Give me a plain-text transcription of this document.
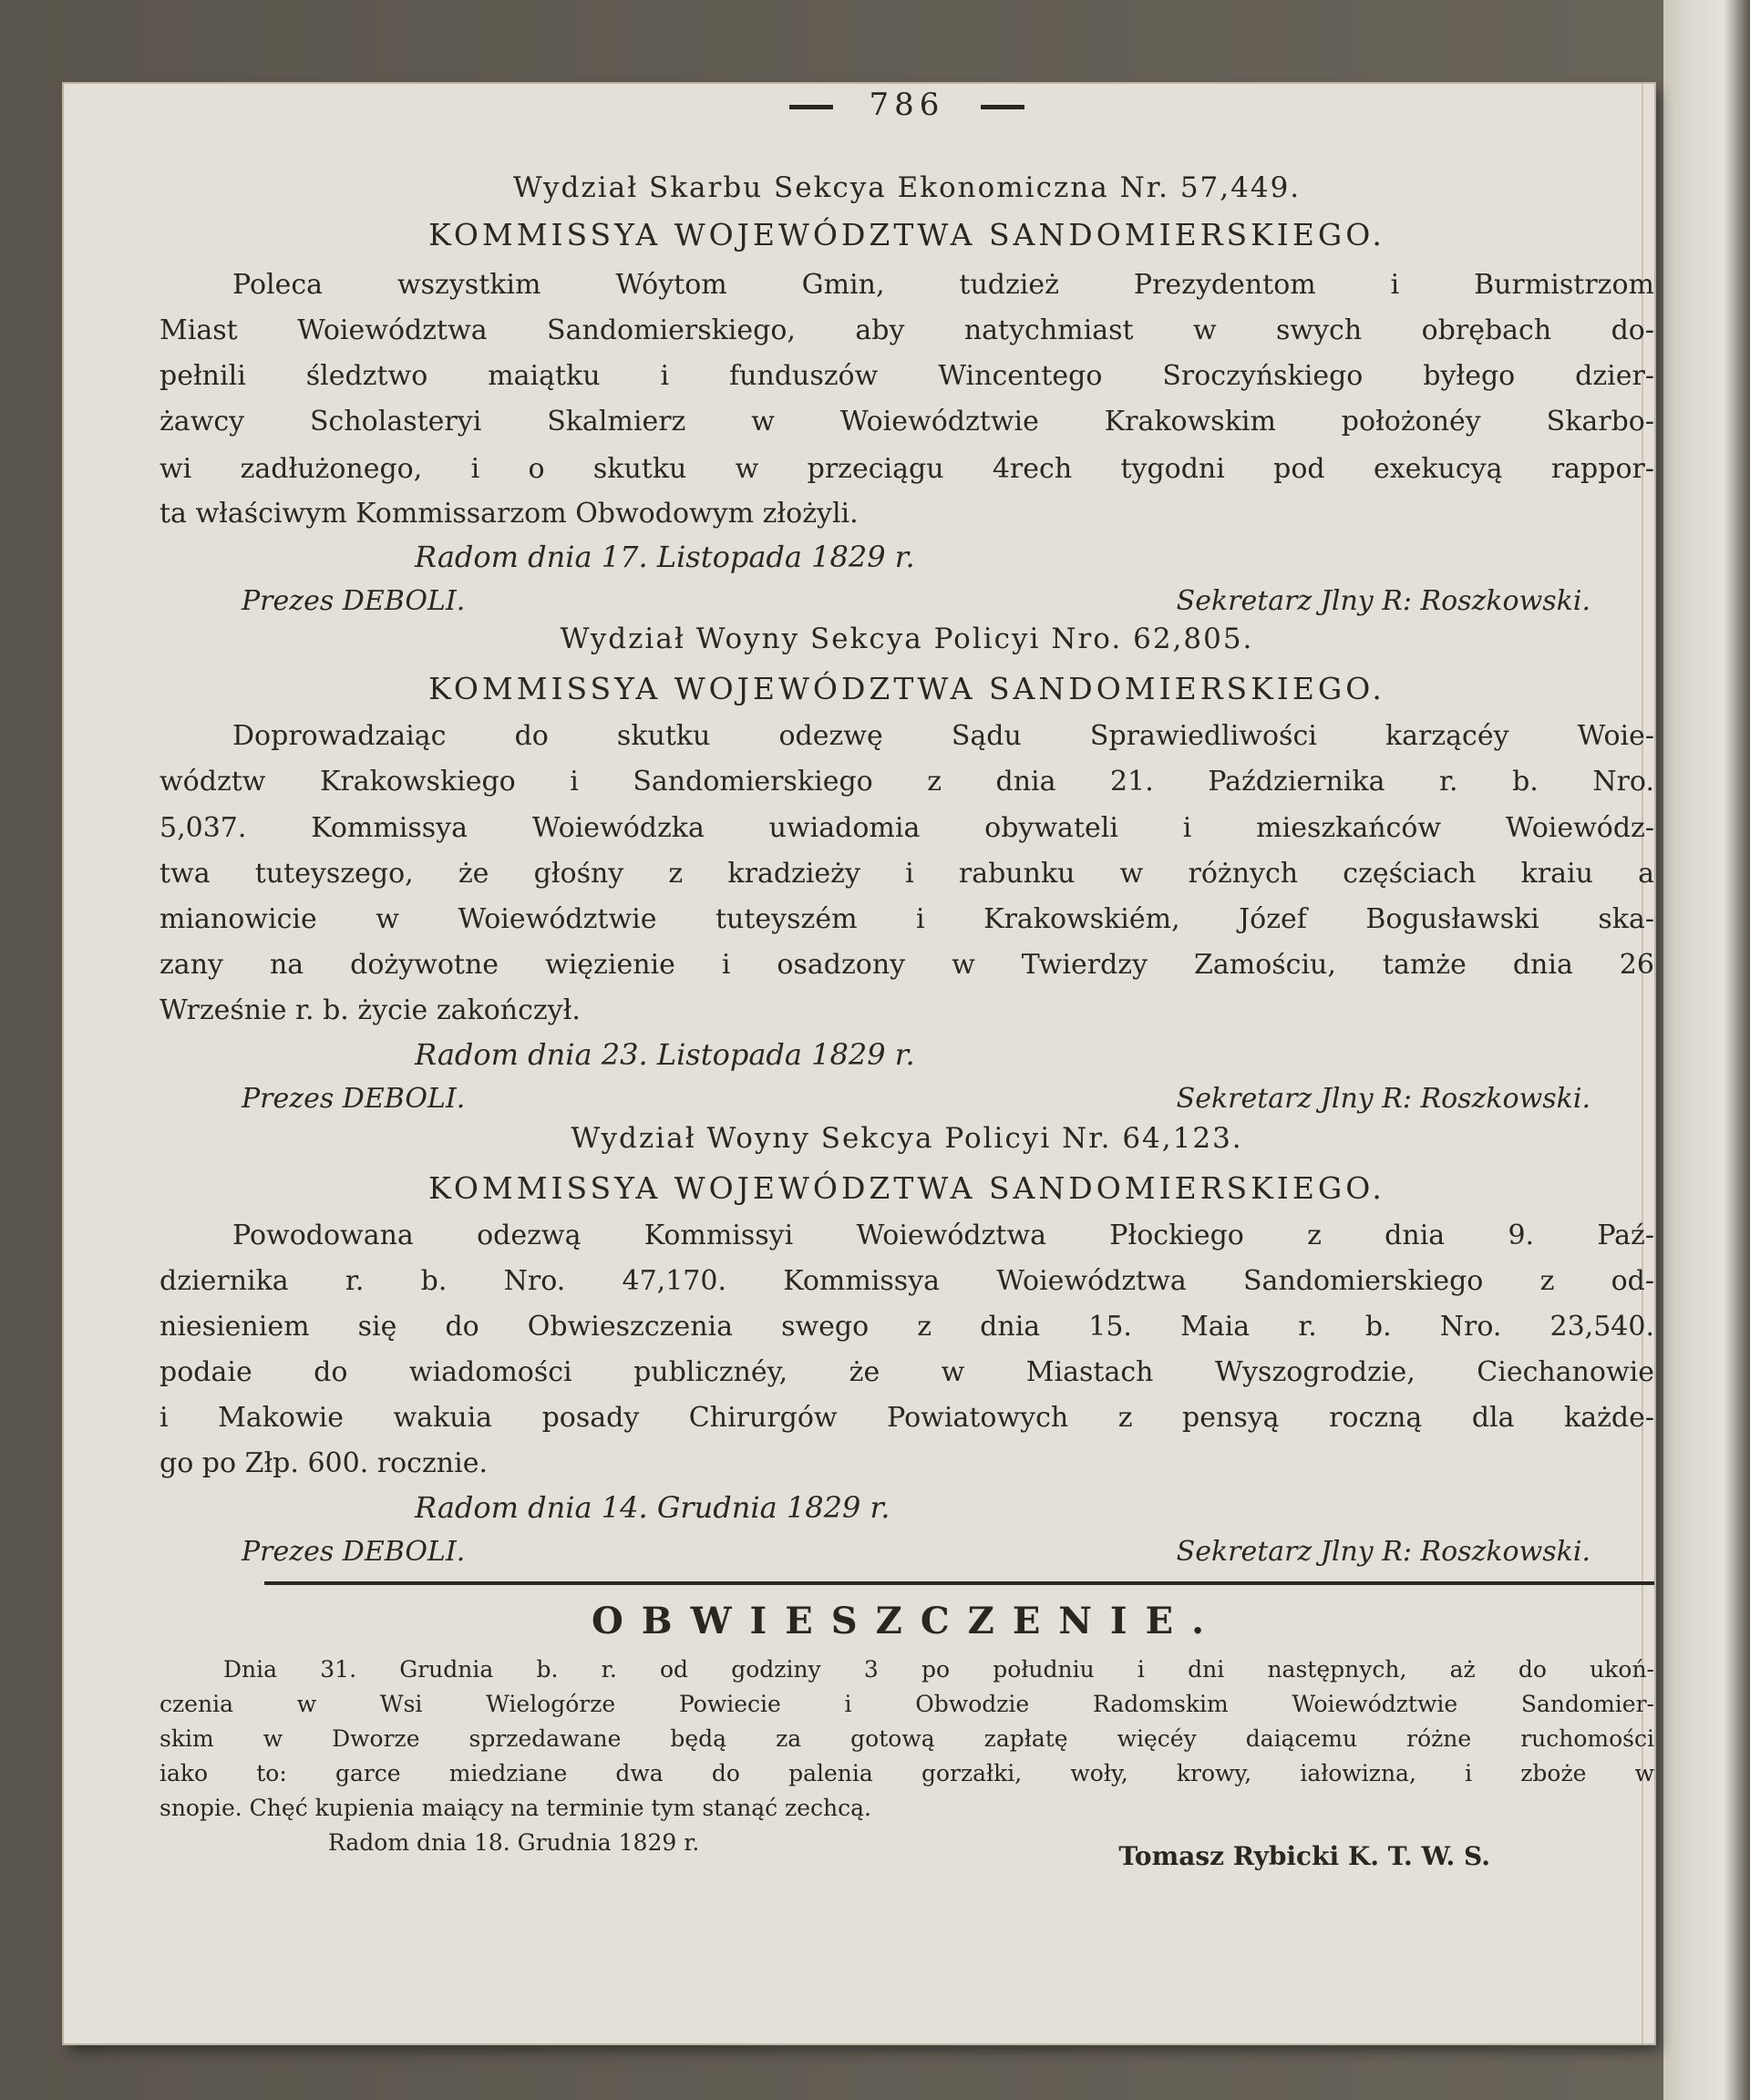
786
Wydział Skarbu Sekcya Ekonomiczna Nr. 57,449.
KOMMISSYA WOJEWÓDZTWA SANDOMIERSKIEGO.
Poleca wszystkim Wóytom Gmin, tudzież Prezydentom i Burmistrzom
Miast Woiewództwa Sandomierskiego, aby natychmiast w swych obrębach do-
pełnili śledztwo maiątku i funduszów Wincentego Sroczyńskiego byłego dzier-
żawcy Scholasteryi Skalmierz w Woiewództwie Krakowskim położonéy Skarbo-
wi zadłużonego, i o skutku w przeciągu 4rech tygodni pod exekucyą rappor-
ta właściwym Kommissarzom Obwodowym złożyli.
Radom dnia 17. Listopada 1829 r.
Prezes DEBOLI.	Sekretarz Jlny R: Roszkowski.
Wydział Woyny Sekcya Policyi Nro. 62,805.
KOMMISSYA WOJEWÓDZTWA SANDOMIERSKIEGO.
Doprowadzaiąc do skutku odezwę Sądu Sprawiedliwości karzącéy Woie-
wództw Krakowskiego i Sandomierskiego z dnia 21. Października r. b. Nro.
5,037. Kommissya Woiewódzka uwiadomia obywateli i mieszkańców Woiewódz-
twa tuteyszego, że głośny z kradzieży i rabunku w różnych częściach kraiu a
mianowicie w Woiewództwie tuteyszém i Krakowskiém, Józef Bogusławski ska-
zany na dożywotne więzienie i osadzony w Twierdzy Zamościu, tamże dnia 26
Wrześnie r. b. życie zakończył.
Radom dnia 23. Listopada 1829 r.
Prezes DEBOLI.	Sekretarz Jlny R: Roszkowski.
Wydział Woyny Sekcya Policyi Nr. 64,123.
KOMMISSYA WOJEWÓDZTWA SANDOMIERSKIEGO.
Powodowana odezwą Kommissyi Woiewództwa Płockiego z dnia 9. Paź-
dziernika r. b. Nro. 47,170. Kommissya Woiewództwa Sandomierskiego z od-
niesieniem się do Obwieszczenia swego z dnia 15. Maia r. b. Nro. 23,540.
podaie do wiadomości publicznéy, że w Miastach Wyszogrodzie, Ciechanowie
i Makowie wakuia posady Chirurgów Powiatowych z pensyą roczną dla każde-
go po Złp. 600. rocznie.
Radom dnia 14. Grudnia 1829 r.
Prezes DEBOLI.	Sekretarz Jlny R: Roszkowski.
OBWIESZCZENIE.
Dnia 31. Grudnia b. r. od godziny 3 po południu i dni następnych, aż do ukoń-
czenia w Wsi Wielogórze Powiecie i Obwodzie Radomskim Woiewództwie Sandomier-
skim w Dworze sprzedawane będą za gotową zapłatę więcéy daiącemu różne ruchomości
iako to: garce miedziane dwa do palenia gorzałki, woły, krowy, iałowizna, i zboże w
snopie. Chęć kupienia maiący na terminie tym stanąć zechcą.
Radom dnia 18. Grudnia 1829 r.	Tomasz Rybicki K. T. W. S.
